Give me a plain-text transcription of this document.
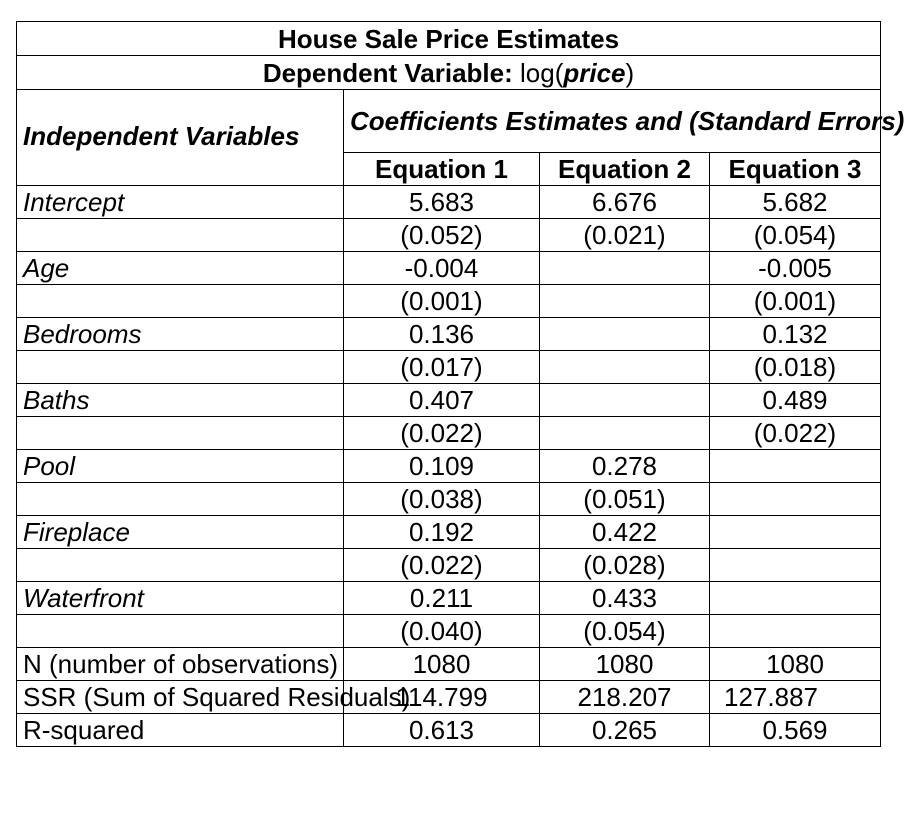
House Sale Price Estimates			
Dependent Variable: log(price)			
Independent Variables	Coefficients Estimates and (Standard Errors)		
	Equation 1	Equation 2	Equation 3
Intercept	5.683	6.676	5.682
	(0.052)	(0.021)	(0.054)
Age	-0.004		-0.005
	(0.001)		(0.001)
Bedrooms	0.136		0.132
	(0.017)		(0.018)
Baths	0.407		0.489
	(0.022)		(0.022)
Pool	0.109	0.278	
	(0.038)	(0.051)	
Fireplace	0.192	0.422	
	(0.022)	(0.028)	
Waterfront	0.211	0.433	
	(0.040)	(0.054)	
N (number of observations)	1080	1080	1080
SSR (Sum of Squared Residuals)	114.799	218.207	127.887
R-squared	0.613	0.265	0.569
